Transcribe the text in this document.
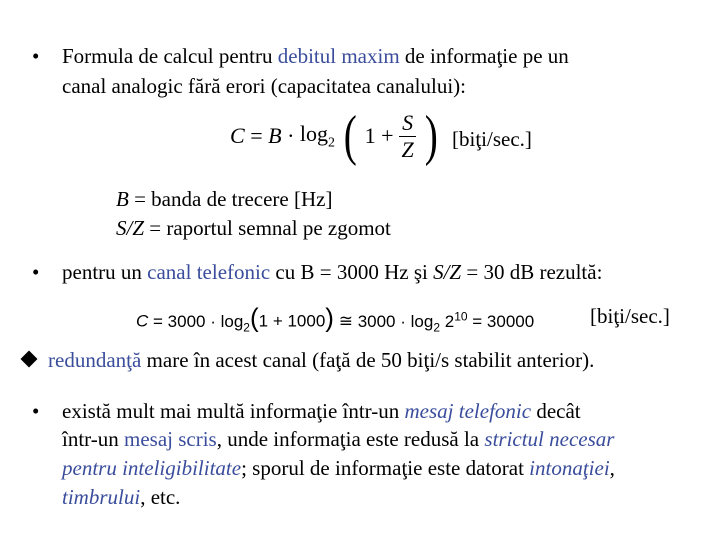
• Formula de calcul pentru debitul maxim de informaţie pe un
canal analogic fără erori (capacitatea canalului):
$C = B \cdot \log_2$ ( $1 + \frac{S}{Z}$ ) [biţi/sec.]
B = banda de trecere [Hz]
S/Z = raportul semnal pe zgomot
• pentru un canal telefonic cu B = 3000 Hz şi S/Z = 30 dB rezultă:
$C = 3000 \cdot \log_2(1 + 1000)$ ≅ $3000 \cdot \log_2 2^{10} = 30000$	[biţi/sec.]
redundanţă mare în acest canal (faţă de 50 biţi/s stabilit anterior).
• există mult mai multă informaţie într-un mesaj telefonic decât
într-un mesaj scris, unde informaţia este redusă la strictul necesar
pentru inteligibilitate; sporul de informaţie este datorat intonaţiei,
timbrului, etc.
